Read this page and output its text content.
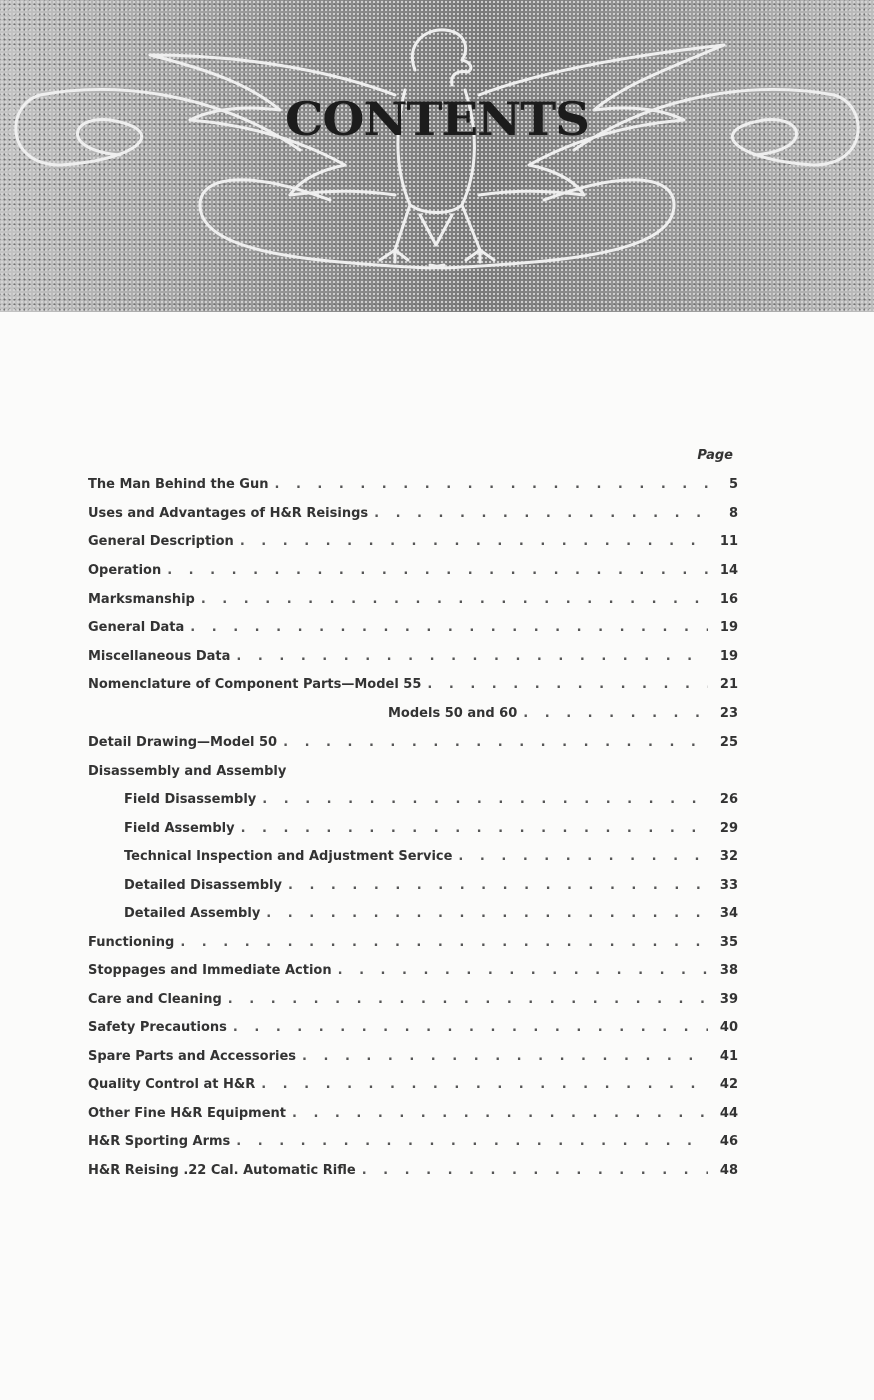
CONTENTS
Page
The Man Behind the Gun . . .	5
Uses and Advantages of H&R Reisings . . .	8
General Description . . .	11
Operation . . .	14
Marksmanship . . .	16
General Data . . .	19
Miscellaneous Data . . .	19
Nomenclature of Component Parts—Model 55 . . .	21
Models 50 and 60 . . .	23
Detail Drawing—Model 50 . . .	25
Disassembly and Assembly
Field Disassembly . . .	26
Field Assembly . . .	29
Technical Inspection and Adjustment Service . . .	32
Detailed Disassembly . . .	33
Detailed Assembly . . .	34
Functioning . . .	35
Stoppages and Immediate Action . . .	38
Care and Cleaning . . .	39
Safety Precautions . . .	40
Spare Parts and Accessories . . .	41
Quality Control at H&R . . .	42
Other Fine H&R Equipment . . .	44
H&R Sporting Arms . . .	46
H&R Reising .22 Cal. Automatic Rifle . . .	48
